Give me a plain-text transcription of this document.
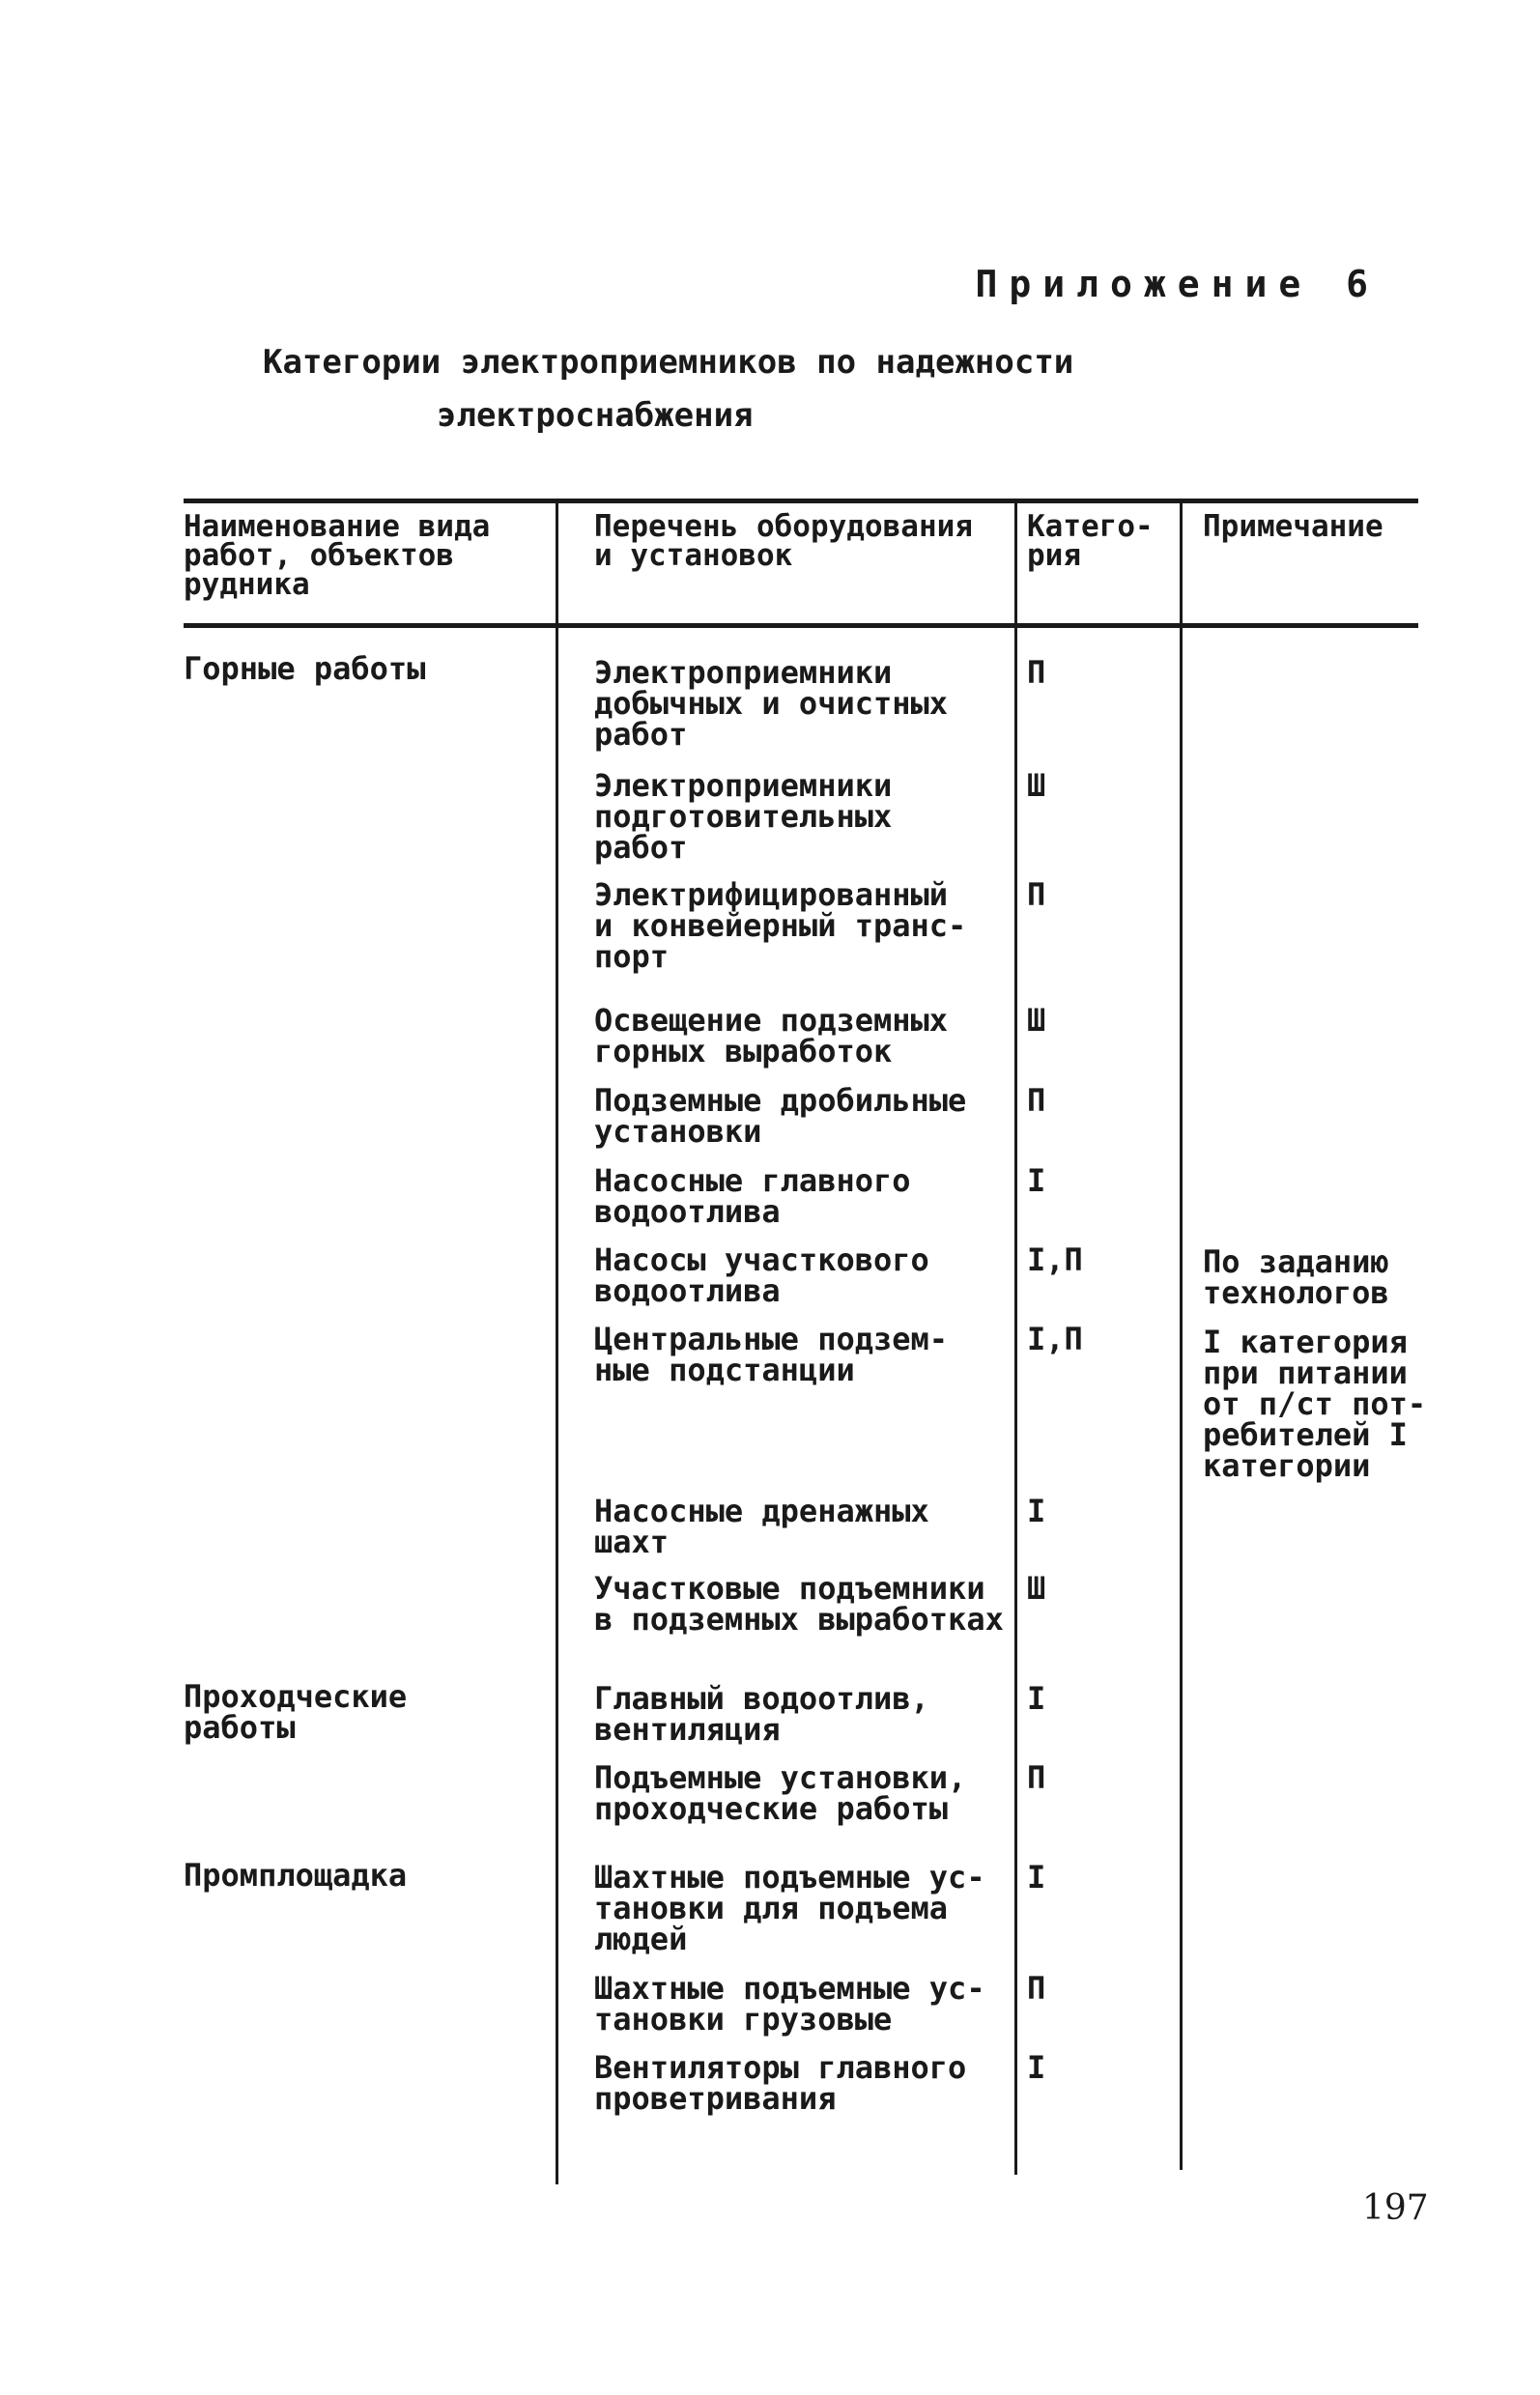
Приложение 6
Категории электроприемников по надежности
электроснабжения
Наименование вида
работ, объектов
рудника
Перечень оборудования
и установок
Катего-
рия
Примечание
Горные работы
Проходческие
работы
Промплощадка
Электроприемники
добычных и очистных
работ
П
Электроприемники
подготовительных
работ
Ш
Электрифицированный
и конвейерный транс-
порт
П
Освещение подземных
горных выработок
Ш
Подземные дробильные
установки
П
Насосные главного
водоотлива
I
Насосы участкового
водоотлива
I,П	По заданию
технологов
Центральные подзем-
ные подстанции
I,П	I категория
при питании
от п/ст пот-
ребителей I
категории
Насосные дренажных
шахт
I
Участковые подъемники
в подземных выработках
Ш
Главный водоотлив,
вентиляция
I
Подъемные установки,
проходческие работы
П
Шахтные подъемные ус-
тановки для подъема
людей
I
Шахтные подъемные ус-
тановки грузовые
П
Вентиляторы главного
проветривания
I
197
